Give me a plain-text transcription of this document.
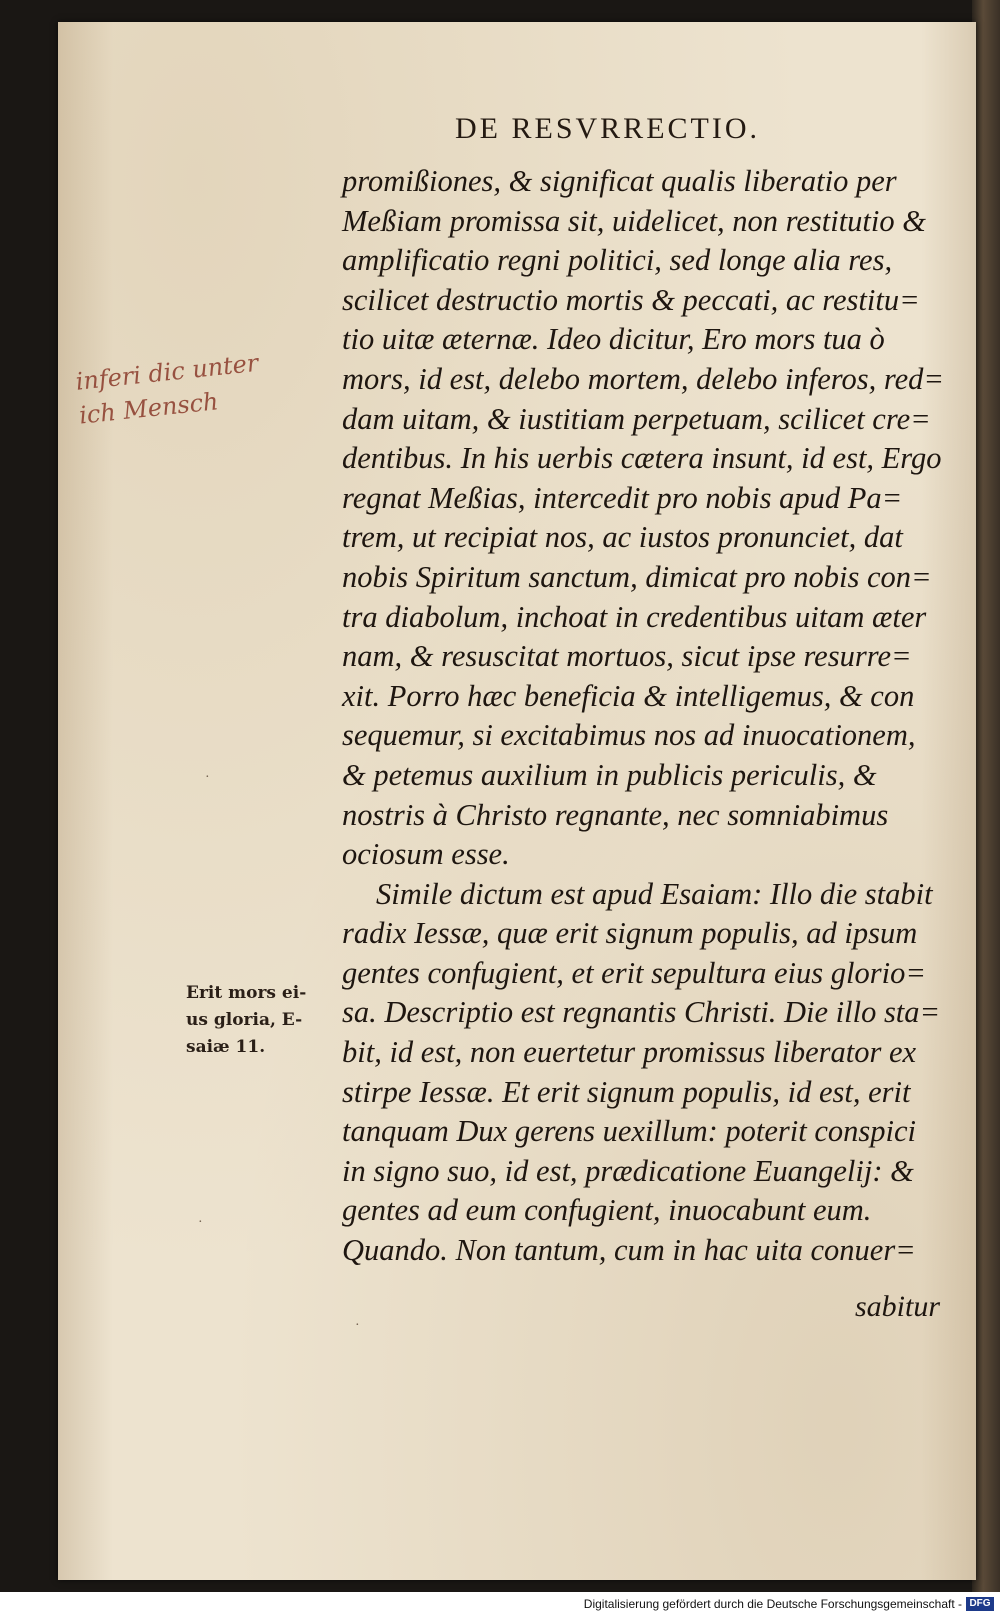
DE RESVRRECTIO.
inferi dic unter
ich Mensch
Erit mors ei-
us gloria, E-
saiæ 11.
promißiones, & significat qualis liberatio per
Meßiam promissa sit, uidelicet, non restitutio &
amplificatio regni politici, sed longe alia res,
scilicet destructio mortis & peccati, ac restitu=
tio uitæ æternæ. Ideo dicitur, Ero mors tua ò
mors, id est, delebo mortem, delebo inferos, red=
dam uitam, & iustitiam perpetuam, scilicet cre=
dentibus. In his uerbis cætera insunt, id est, Ergo
regnat Meßias, intercedit pro nobis apud Pa=
trem, ut recipiat nos, ac iustos pronunciet, dat
nobis Spiritum sanctum, dimicat pro nobis con=
tra diabolum, inchoat in credentibus uitam æter
nam, & resuscitat mortuos, sicut ipse resurre=
xit. Porro hæc beneficia & intelligemus, & con
sequemur, si excitabimus nos ad inuocationem,
& petemus auxilium in publicis periculis, &
nostris à Christo regnante, nec somniabimus
ociosum esse.
Simile dictum est apud Esaiam: Illo die stabit
radix Iessæ, quæ erit signum populis, ad ipsum
gentes confugient, et erit sepultura eius glorio=
sa. Descriptio est regnantis Christi. Die illo sta=
bit, id est, non euertetur promissus liberator ex
stirpe Iessæ. Et erit signum populis, id est, erit
tanquam Dux gerens uexillum: poterit conspici
in signo suo, id est, prædicatione Euangelij: &
gentes ad eum confugient, inuocabunt eum.
Quando. Non tantum, cum in hac uita conuer=
sabitur
·
·
·
Digitalisierung gefördert durch die Deutsche Forschungsgemeinschaft - DFG
